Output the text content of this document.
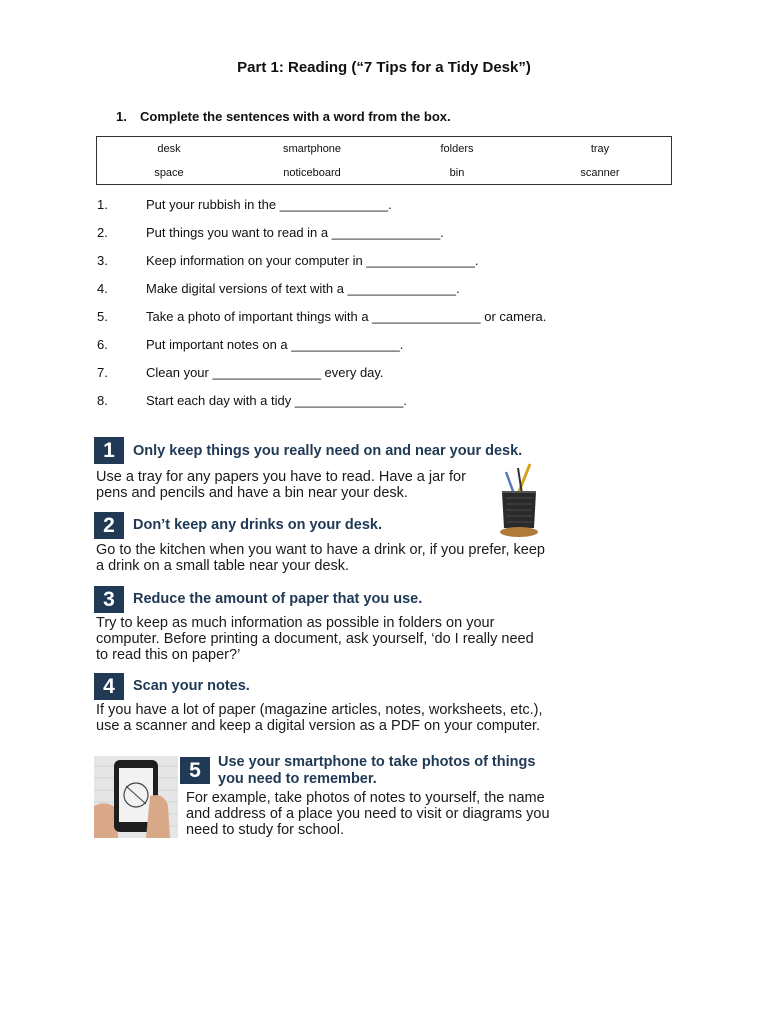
Part 1: Reading (“7 Tips for a Tidy Desk”)
1. Complete the sentences with a word from the box.
desk	smartphone	folders	tray
space	noticeboard	bin	scanner
1.	Put your rubbish in the _______________.
2.	Put things you want to read in a _______________.
3.	Keep information on your computer in _______________.
4.	Make digital versions of text with a _______________.
5.	Take a photo of important things with a _______________ or camera.
6.	Put important notes on a _______________.
7.	Clean your _______________ every day.
8.	Start each day with a tidy _______________.
1	Only keep things you really need on and near your desk.
Use a tray for any papers you have to read. Have a jar for pens and pencils and have a bin near your desk.
2	Don’t keep any drinks on your desk.
Go to the kitchen when you want to have a drink or, if you prefer, keep a drink on a small table near your desk.
3	Reduce the amount of paper that you use.
Try to keep as much information as possible in folders on your computer. Before printing a document, ask yourself, ‘do I really need to read this on paper?’
4	Scan your notes.
If you have a lot of paper (magazine articles, notes, worksheets, etc.), use a scanner and keep a digital version as a PDF on your computer.
5	Use your smartphone to take photos of things you need to remember.
For example, take photos of notes to yourself, the name and address of a place you need to visit or diagrams you need to study for school.
